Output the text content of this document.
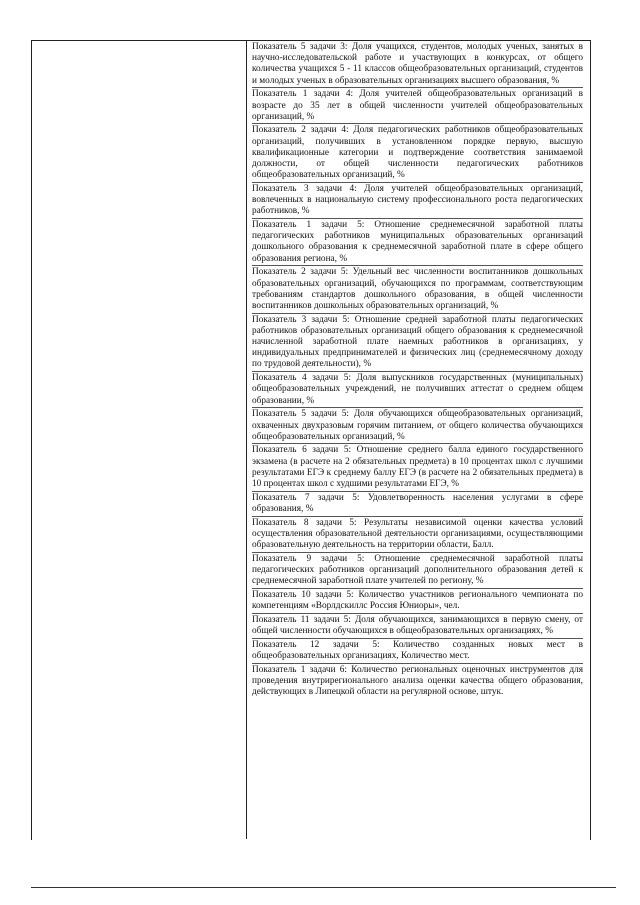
Показатель 5 задачи 3: Доля учащихся, студентов, молодых ученых, занятых в научно-исследовательской работе и участвующих в конкурсах, от общего количества учащихся 5 - 11 классов общеобразовательных организаций, студентов и молодых ученых в образовательных организациях высшего образования, %

Показатель 1 задачи 4: Доля учителей общеобразовательных организаций в возрасте до 35 лет в общей численности учителей общеобразовательных организаций, %

Показатель 2 задачи 4: Доля педагогических работников общеобразовательных организаций, получивших в установленном порядке первую, высшую квалификационные категории и подтверждение соответствия занимаемой должности, от общей численности педагогических работников общеобразовательных организаций, %

Показатель 3 задачи 4: Доля учителей общеобразовательных организаций, вовлеченных в национальную систему профессионального роста педагогических работников, %

Показатель 1 задачи 5: Отношение среднемесячной заработной платы педагогических работников муниципальных образовательных организаций дошкольного образования к среднемесячной заработной плате в сфере общего образования региона, %

Показатель 2 задачи 5: Удельный вес численности воспитанников дошкольных образовательных организаций, обучающихся по программам, соответствующим требованиям стандартов дошкольного образования, в общей численности воспитанников дошкольных образовательных организаций, %

Показатель 3 задачи 5: Отношение средней заработной платы педагогических работников образовательных организаций общего образования к среднемесячной начисленной заработной плате наемных работников в организациях, у индивидуальных предпринимателей и физических лиц (среднемесячному доходу по трудовой деятельности), %

Показатель 4 задачи 5: Доля выпускников государственных (муниципальных) общеобразовательных учреждений, не получивших аттестат о среднем общем образовании, %

Показатель 5 задачи 5: Доля обучающихся общеобразовательных организаций, охваченных двухразовым горячим питанием, от общего количества обучающихся общеобразовательных организаций, %

Показатель 6 задачи 5: Отношение среднего балла единого государственного экзамена (в расчете на 2 обязательных предмета) в 10 процентах школ с лучшими результатами ЕГЭ к среднему баллу ЕГЭ (в расчете на 2 обязательных предмета) в 10 процентах школ с худшими результатами ЕГЭ, %

Показатель 7 задачи 5: Удовлетворенность населения услугами в сфере образования, %

Показатель 8 задачи 5: Результаты независимой оценки качества условий осуществления образовательной деятельности организациями, осуществляющими образовательную деятельность на территории области, Балл.

Показатель 9 задачи 5: Отношение среднемесячной заработной платы педагогических работников организаций дополнительного образования детей к среднемесячной заработной плате учителей по региону, %

Показатель 10 задачи 5: Количество участников регионального чемпионата по компетенциям «Ворлдскиллс Россия Юниоры», чел.

Показатель 11 задачи 5: Доля обучающихся, занимающихся в первую смену, от общей численности обучающихся в общеобразовательных организациях, %

Показатель 12 задачи 5: Количество созданных новых мест в общеобразовательных организациях, Количество мест.

Показатель 1 задачи 6: Количество региональных оценочных инструментов для проведения внутрирегионального анализа оценки качества общего образования, действующих в Липецкой области на регулярной основе, штук.
